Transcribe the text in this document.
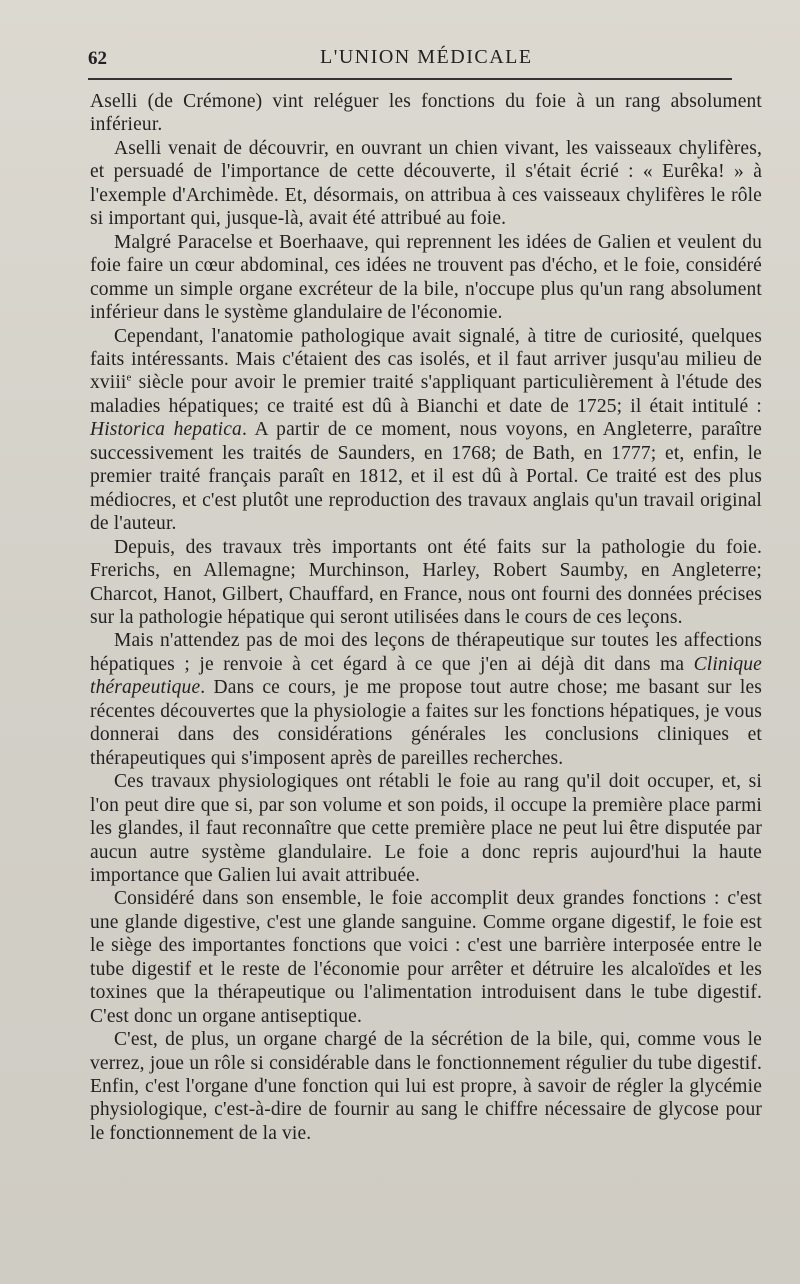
62	L'UNION MÉDICALE

Aselli (de Crémone) vint reléguer les fonctions du foie à un rang absolument inférieur.

Aselli venait de découvrir, en ouvrant un chien vivant, les vaisseaux chylifères, et persuadé de l'importance de cette découverte, il s'était écrié : « Eurêka! » à l'exemple d'Archimède. Et, désormais, on attribua à ces vaisseaux chylifères le rôle si important qui, jusque-là, avait été attribué au foie.

Malgré Paracelse et Boerhaave, qui reprennent les idées de Galien et veulent du foie faire un cœur abdominal, ces idées ne trouvent pas d'écho, et le foie, considéré comme un simple organe excréteur de la bile, n'occupe plus qu'un rang absolument inférieur dans le système glandulaire de l'économie.

Cependant, l'anatomie pathologique avait signalé, à titre de curiosité, quelques faits intéressants. Mais c'étaient des cas isolés, et il faut arriver jusqu'au milieu de xviii$^e$ siècle pour avoir le premier traité s'appliquant particulièrement à l'étude des maladies hépatiques; ce traité est dû à Bianchi et date de 1725; il était intitulé : Historica hepatica. A partir de ce moment, nous voyons, en Angleterre, paraître successivement les traités de Saunders, en 1768; de Bath, en 1777; et, enfin, le premier traité français paraît en 1812, et il est dû à Portal. Ce traité est des plus médiocres, et c'est plutôt une reproduction des travaux anglais qu'un travail original de l'auteur.

Depuis, des travaux très importants ont été faits sur la pathologie du foie. Frerichs, en Allemagne; Murchinson, Harley, Robert Saumby, en Angleterre; Charcot, Hanot, Gilbert, Chauffard, en France, nous ont fourni des données précises sur la pathologie hépatique qui seront utilisées dans le cours de ces leçons.

Mais n'attendez pas de moi des leçons de thérapeutique sur toutes les affections hépatiques ; je renvoie à cet égard à ce que j'en ai déjà dit dans ma Clinique thérapeutique. Dans ce cours, je me propose tout autre chose; me basant sur les récentes découvertes que la physiologie a faites sur les fonctions hépatiques, je vous donnerai dans des considérations générales les conclusions cliniques et thérapeutiques qui s'imposent après de pareilles recherches.

Ces travaux physiologiques ont rétabli le foie au rang qu'il doit occuper, et, si l'on peut dire que si, par son volume et son poids, il occupe la première place parmi les glandes, il faut reconnaître que cette première place ne peut lui être disputée par aucun autre système glandulaire. Le foie a donc repris aujourd'hui la haute importance que Galien lui avait attribuée.

Considéré dans son ensemble, le foie accomplit deux grandes fonctions : c'est une glande digestive, c'est une glande sanguine. Comme organe digestif, le foie est le siège des importantes fonctions que voici : c'est une barrière interposée entre le tube digestif et le reste de l'économie pour arrêter et détruire les alcaloïdes et les toxines que la thérapeutique ou l'alimentation introduisent dans le tube digestif. C'est donc un organe antiseptique.

C'est, de plus, un organe chargé de la sécrétion de la bile, qui, comme vous le verrez, joue un rôle si considérable dans le fonctionnement régulier du tube digestif. Enfin, c'est l'organe d'une fonction qui lui est propre, à savoir de régler la glycémie physiologique, c'est-à-dire de fournir au sang le chiffre nécessaire de glycose pour le fonctionnement de la vie.
